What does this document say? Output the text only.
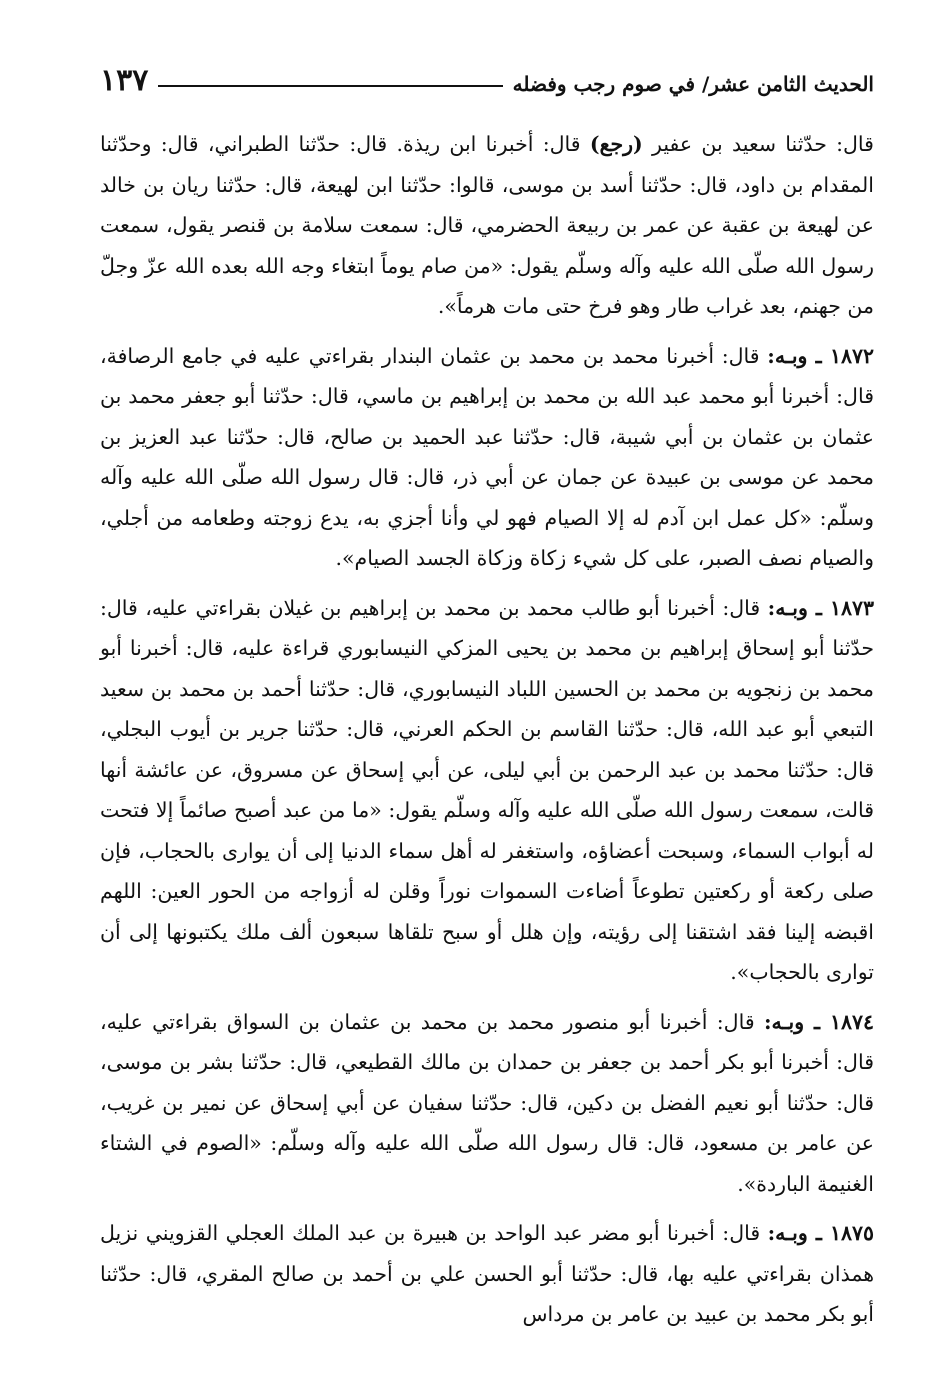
الحديث الثامن عشر/ في صوم رجب وفضله
١٣٧

قال: حدّثنا سعيد بن عفير (رجع) قال: أخبرنا ابن ريذة. قال: حدّثنا الطبراني، قال: وحدّثنا المقدام بن داود، قال: حدّثنا أسد بن موسى، قالوا: حدّثنا ابن لهيعة، قال: حدّثنا ريان بن خالد عن لهيعة بن عقبة عن عمر بن ربيعة الحضرمي، قال: سمعت سلامة بن قنصر يقول، سمعت رسول الله صلّى الله عليه وآله وسلّم يقول: «من صام يوماً ابتغاء وجه الله بعده الله عزّ وجلّ من جهنم، بعد غراب طار وهو فرخ حتى مات هرماً».

١٨٧٢ ـ وبـه: قال: أخبرنا محمد بن محمد بن عثمان البندار بقراءتي عليه في جامع الرصافة، قال: أخبرنا أبو محمد عبد الله بن محمد بن إبراهيم بن ماسي، قال: حدّثنا أبو جعفر محمد بن عثمان بن عثمان بن أبي شيبة، قال: حدّثنا عبد الحميد بن صالح، قال: حدّثنا عبد العزيز بن محمد عن موسى بن عبيدة عن جمان عن أبي ذر، قال: قال رسول الله صلّى الله عليه وآله وسلّم: «كل عمل ابن آدم له إلا الصيام فهو لي وأنا أجزي به، يدع زوجته وطعامه من أجلي، والصيام نصف الصبر، على كل شيء زكاة وزكاة الجسد الصيام».

١٨٧٣ ـ وبـه: قال: أخبرنا أبو طالب محمد بن محمد بن إبراهيم بن غيلان بقراءتي عليه، قال: حدّثنا أبو إسحاق إبراهيم بن محمد بن يحيى المزكي النيسابوري قراءة عليه، قال: أخبرنا أبو محمد بن زنجويه بن محمد بن الحسين اللباد النيسابوري، قال: حدّثنا أحمد بن محمد بن سعيد التبعي أبو عبد الله، قال: حدّثنا القاسم بن الحكم العرني، قال: حدّثنا جرير بن أيوب البجلي، قال: حدّثنا محمد بن عبد الرحمن بن أبي ليلى، عن أبي إسحاق عن مسروق، عن عائشة أنها قالت، سمعت رسول الله صلّى الله عليه وآله وسلّم يقول: «ما من عبد أصبح صائماً إلا فتحت له أبواب السماء، وسبحت أعضاؤه، واستغفر له أهل سماء الدنيا إلى أن يوارى بالحجاب، فإن صلى ركعة أو ركعتين تطوعاً أضاءت السموات نوراً وقلن له أزواجه من الحور العين: اللهم اقبضه إلينا فقد اشتقنا إلى رؤيته، وإن هلل أو سبح تلقاها سبعون ألف ملك يكتبونها إلى أن توارى بالحجاب».

١٨٧٤ ـ وبـه: قال: أخبرنا أبو منصور محمد بن محمد بن عثمان بن السواق بقراءتي عليه، قال: أخبرنا أبو بكر أحمد بن جعفر بن حمدان بن مالك القطيعي، قال: حدّثنا بشر بن موسى، قال: حدّثنا أبو نعيم الفضل بن دكين، قال: حدّثنا سفيان عن أبي إسحاق عن نمير بن غريب، عن عامر بن مسعود، قال: قال رسول الله صلّى الله عليه وآله وسلّم: «الصوم في الشتاء الغنيمة الباردة».

١٨٧٥ ـ وبـه: قال: أخبرنا أبو مضر عبد الواحد بن هبيرة بن عبد الملك العجلي القزويني نزيل همذان بقراءتي عليه بها، قال: حدّثنا أبو الحسن علي بن أحمد بن صالح المقري، قال: حدّثنا أبو بكر محمد بن عبيد بن عامر بن مرداس
